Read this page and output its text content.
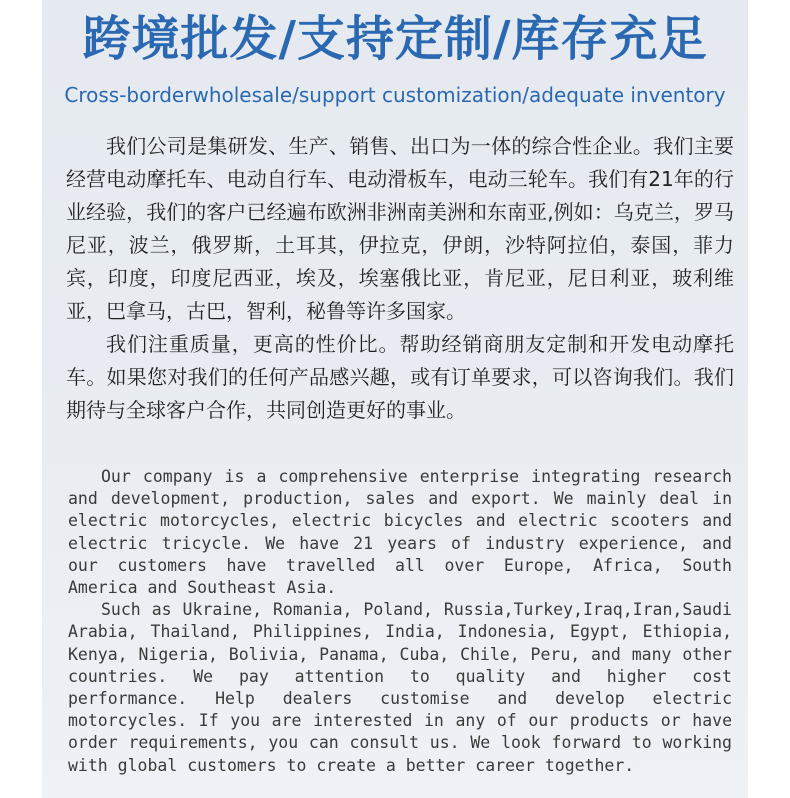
跨境批发/支持定制/库存充足
Cross-borderwholesale/support customization/adequate inventory

我们公司是集研发、生产、销售、出口为一体的综合性企业。我们主要经营电动摩托车、电动自行车、电动滑板车，电动三轮车。我们有21年的行业经验，我们的客户已经遍布欧洲非洲南美洲和东南亚,例如：乌克兰，罗马尼亚，波兰，俄罗斯，土耳其，伊拉克，伊朗，沙特阿拉伯，泰国，菲力宾，印度，印度尼西亚，埃及，埃塞俄比亚，肯尼亚，尼日利亚，玻利维亚，巴拿马，古巴，智利，秘鲁等许多国家。

我们注重质量，更高的性价比。帮助经销商朋友定制和开发电动摩托车。如果您对我们的任何产品感兴趣，或有订单要求，可以咨询我们。我们期待与全球客户合作，共同创造更好的事业。

Our company is a comprehensive enterprise integrating research and development, production, sales and export. We mainly deal in electric motorcycles, electric bicycles and electric scooters and electric tricycle. We have 21 years of industry experience, and our customers have travelled all over Europe, Africa, South America and Southeast Asia.

Such as Ukraine, Romania, Poland, Russia,Turkey,Iraq,Iran,Saudi Arabia, Thailand, Philippines, India, Indonesia, Egypt, Ethiopia, Kenya, Nigeria, Bolivia, Panama, Cuba, Chile, Peru, and many other countries. We pay attention to quality and higher cost performance. Help dealers customise and develop electric motorcycles. If you are interested in any of our products or have order requirements, you can consult us. We look forward to working with global customers to create a better career together.
